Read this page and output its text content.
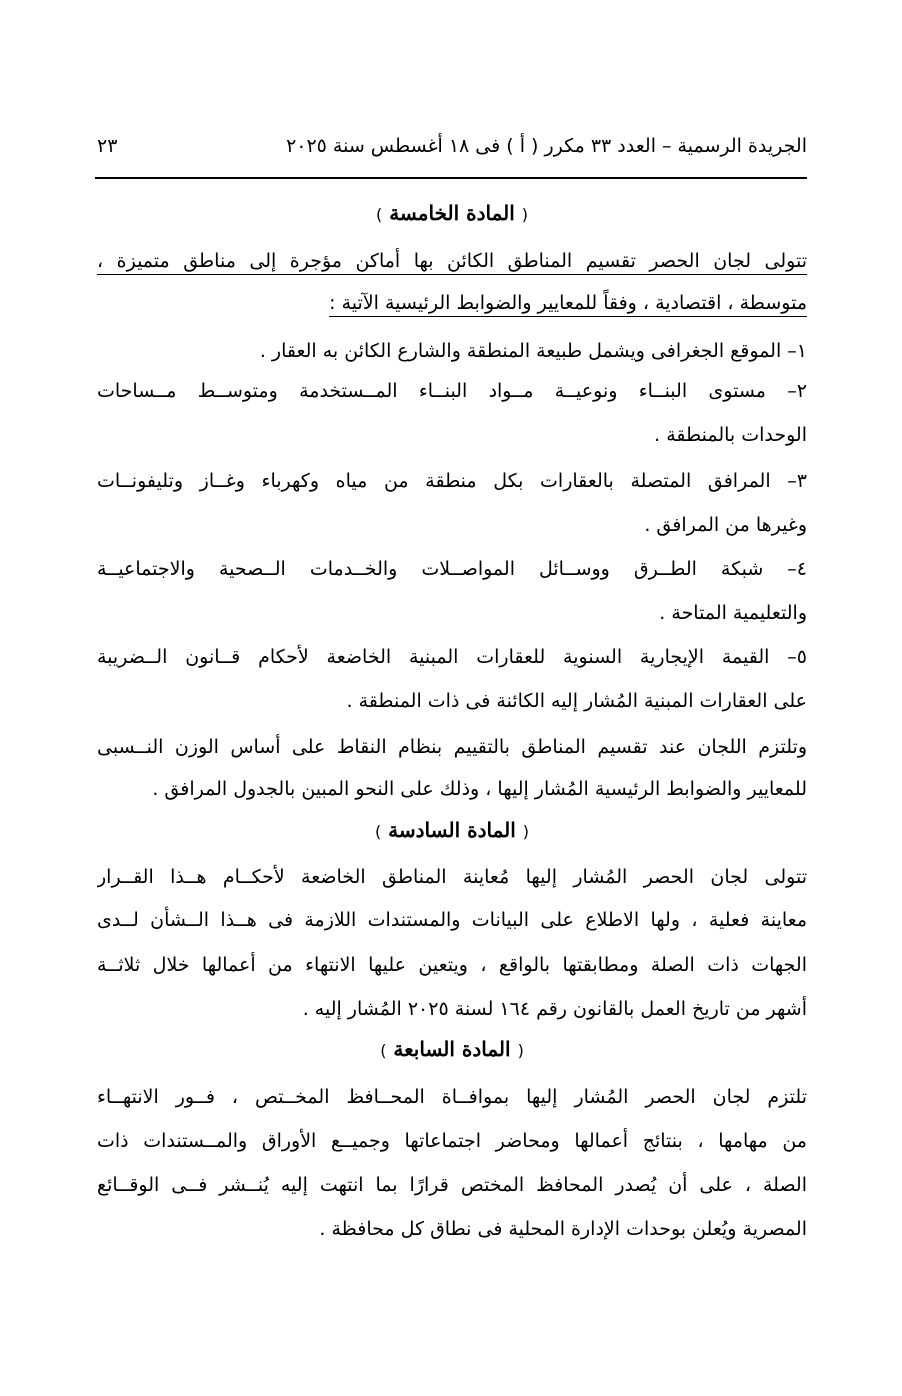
الجريدة الرسمية – العدد ٣٣ مكرر ( أ ) فى ١٨ أغسطس سنة ٢٠٢٥
٢٣
( المادة الخامسة )
تتولى لجان الحصر تقسيم المناطق الكائن بها أماكن مؤجرة إلى مناطق متميزة ،
متوسطة ، اقتصادية ، وفقاً للمعايير والضوابط الرئيسية الآتية :
١– الموقع الجغرافى ويشمل طبيعة المنطقة والشارع الكائن به العقار .
٢– مستوى البنــاء ونوعيــة مــواد البنــاء المــستخدمة ومتوســط مــساحات
الوحدات بالمنطقة .
٣– المرافق المتصلة بالعقارات بكل منطقة من مياه وكهرباء وغــاز وتليفونــات
وغيرها من المرافق .
٤– شبكة الطــرق ووســائل المواصــلات والخــدمات الــصحية والاجتماعيــة
والتعليمية المتاحة .
٥– القيمة الإيجارية السنوية للعقارات المبنية الخاضعة لأحكام قــانون الــضريبة
على العقارات المبنية المُشار إليه الكائنة فى ذات المنطقة .
وتلتزم اللجان عند تقسيم المناطق بالتقييم بنظام النقاط على أساس الوزن النــسبى
للمعايير والضوابط الرئيسية المُشار إليها ، وذلك على النحو المبين بالجدول المرافق .
( المادة السادسة )
تتولى لجان الحصر المُشار إليها مُعاينة المناطق الخاضعة لأحكــام هــذا القــرار
معاينة فعلية ، ولها الاطلاع على البيانات والمستندات اللازمة فى هــذا الــشأن لــدى
الجهات ذات الصلة ومطابقتها بالواقع ، ويتعين عليها الانتهاء من أعمالها خلال ثلاثــة
أشهر من تاريخ العمل بالقانون رقم ١٦٤ لسنة ٢٠٢٥ المُشار إليه .
( المادة السابعة )
تلتزم لجان الحصر المُشار إليها بموافــاة المحــافظ المخــتص ، فــور الانتهــاء
من مهامها ، بنتائج أعمالها ومحاضر اجتماعاتها وجميــع الأوراق والمــستندات ذات
الصلة ، على أن يُصدر المحافظ المختص قرارًا بما انتهت إليه يُنــشر فــى الوقــائع
المصرية ويُعلن بوحدات الإدارة المحلية فى نطاق كل محافظة .
